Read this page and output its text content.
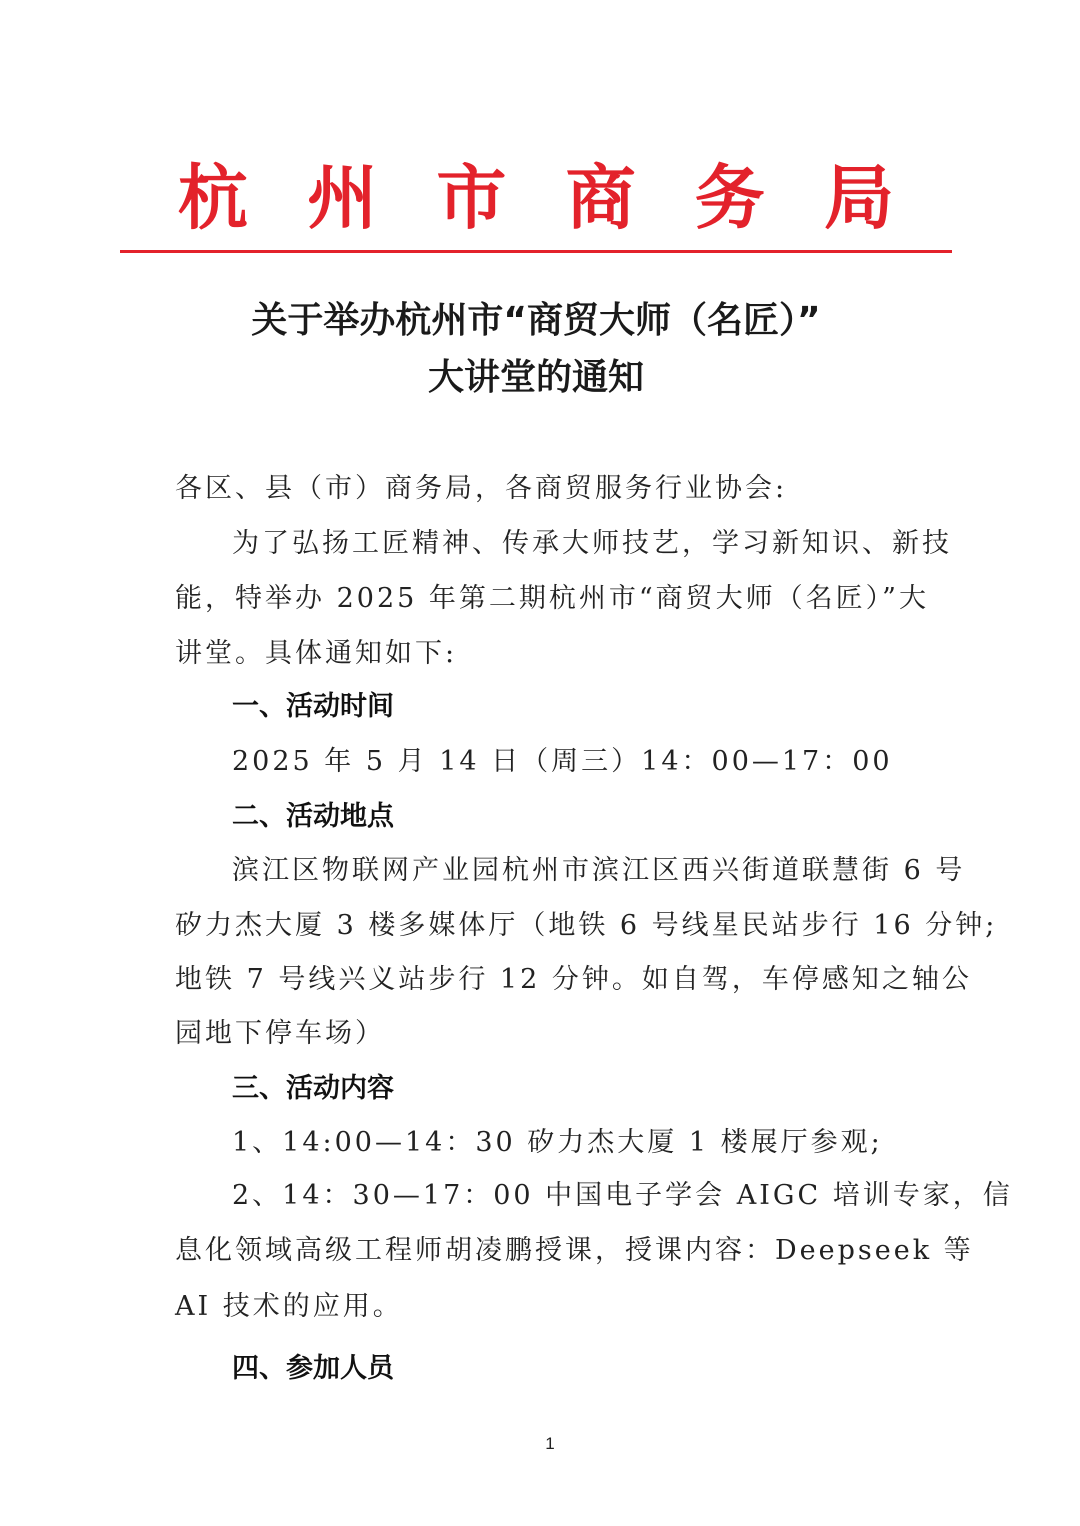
杭 州 市 商 务 局
关于举办杭州市“商贸大师（名匠）”
大讲堂的通知
各区、县（市）商务局，各商贸服务行业协会:
为了弘扬工匠精神、传承大师技艺，学习新知识、新技
能，特举办 2025 年第二期杭州市“商贸大师（名匠）”大
讲堂。具体通知如下:
一、活动时间
2025 年 5 月 14 日（周三）14：00—17：00
二、活动地点
滨江区物联网产业园杭州市滨江区西兴街道联慧街 6 号
矽力杰大厦 3 楼多媒体厅（地铁 6 号线星民站步行 16 分钟;
地铁 7 号线兴义站步行 12 分钟。如自驾，车停感知之轴公
园地下停车场）
三、活动内容
1、14:00—14：30 矽力杰大厦 1 楼展厅参观;
2、14：30—17：00 中国电子学会 AIGC 培训专家，信
息化领域高级工程师胡凌鹏授课，授课内容：Deepseek 等
AI 技术的应用。
四、参加人员
1
